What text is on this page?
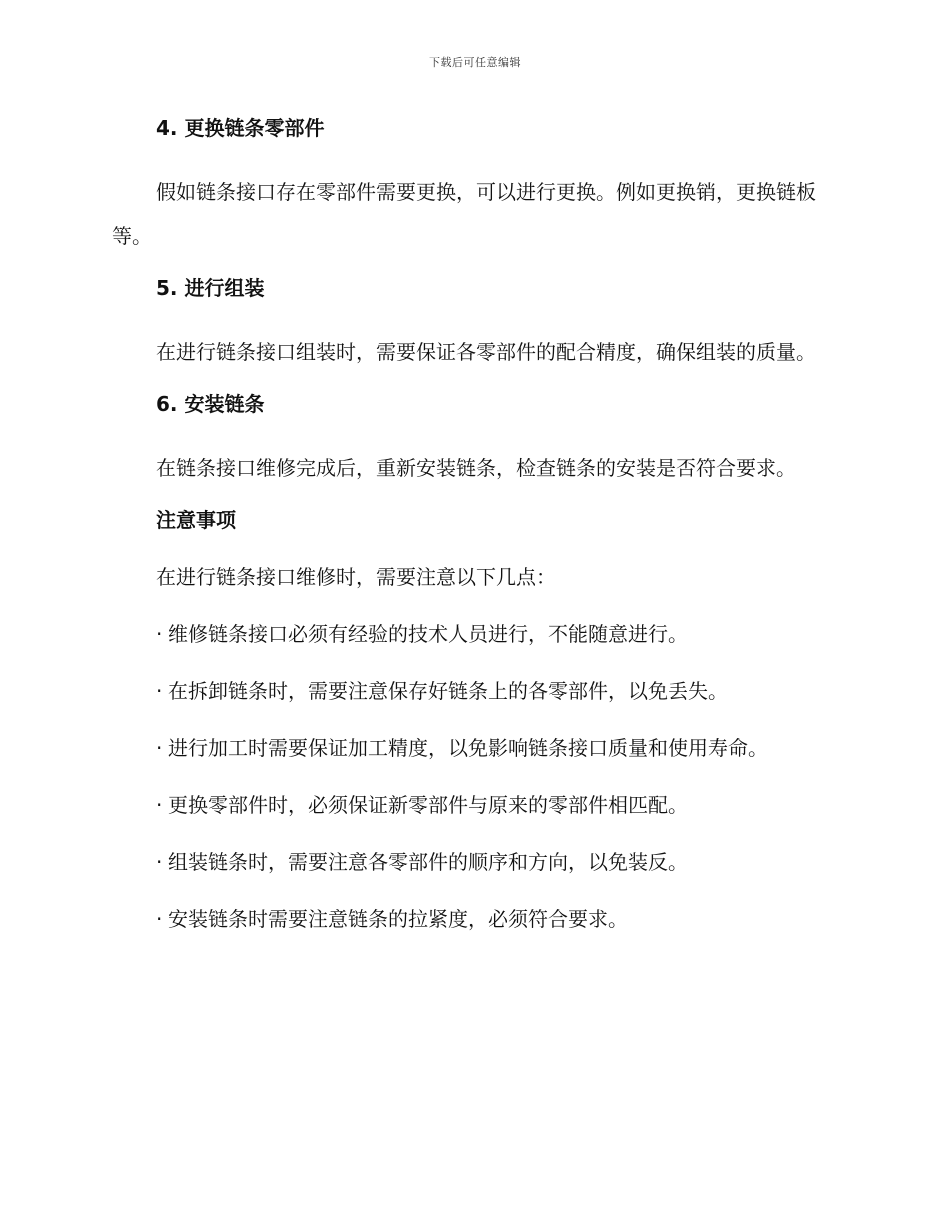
下载后可任意编辑
4. 更换链条零部件

假如链条接口存在零部件需要更换，可以进行更换。例如更换销，更换链板等。

5. 进行组装

在进行链条接口组装时，需要保证各零部件的配合精度，确保组装的质量。

6. 安装链条

在链条接口维修完成后，重新安装链条，检查链条的安装是否符合要求。

注意事项

在进行链条接口维修时，需要注意以下几点：

· 维修链条接口必须有经验的技术人员进行，不能随意进行。
· 在拆卸链条时，需要注意保存好链条上的各零部件，以免丢失。
· 进行加工时需要保证加工精度，以免影响链条接口质量和使用寿命。
· 更换零部件时，必须保证新零部件与原来的零部件相匹配。
· 组装链条时，需要注意各零部件的顺序和方向，以免装反。
· 安装链条时需要注意链条的拉紧度，必须符合要求。
